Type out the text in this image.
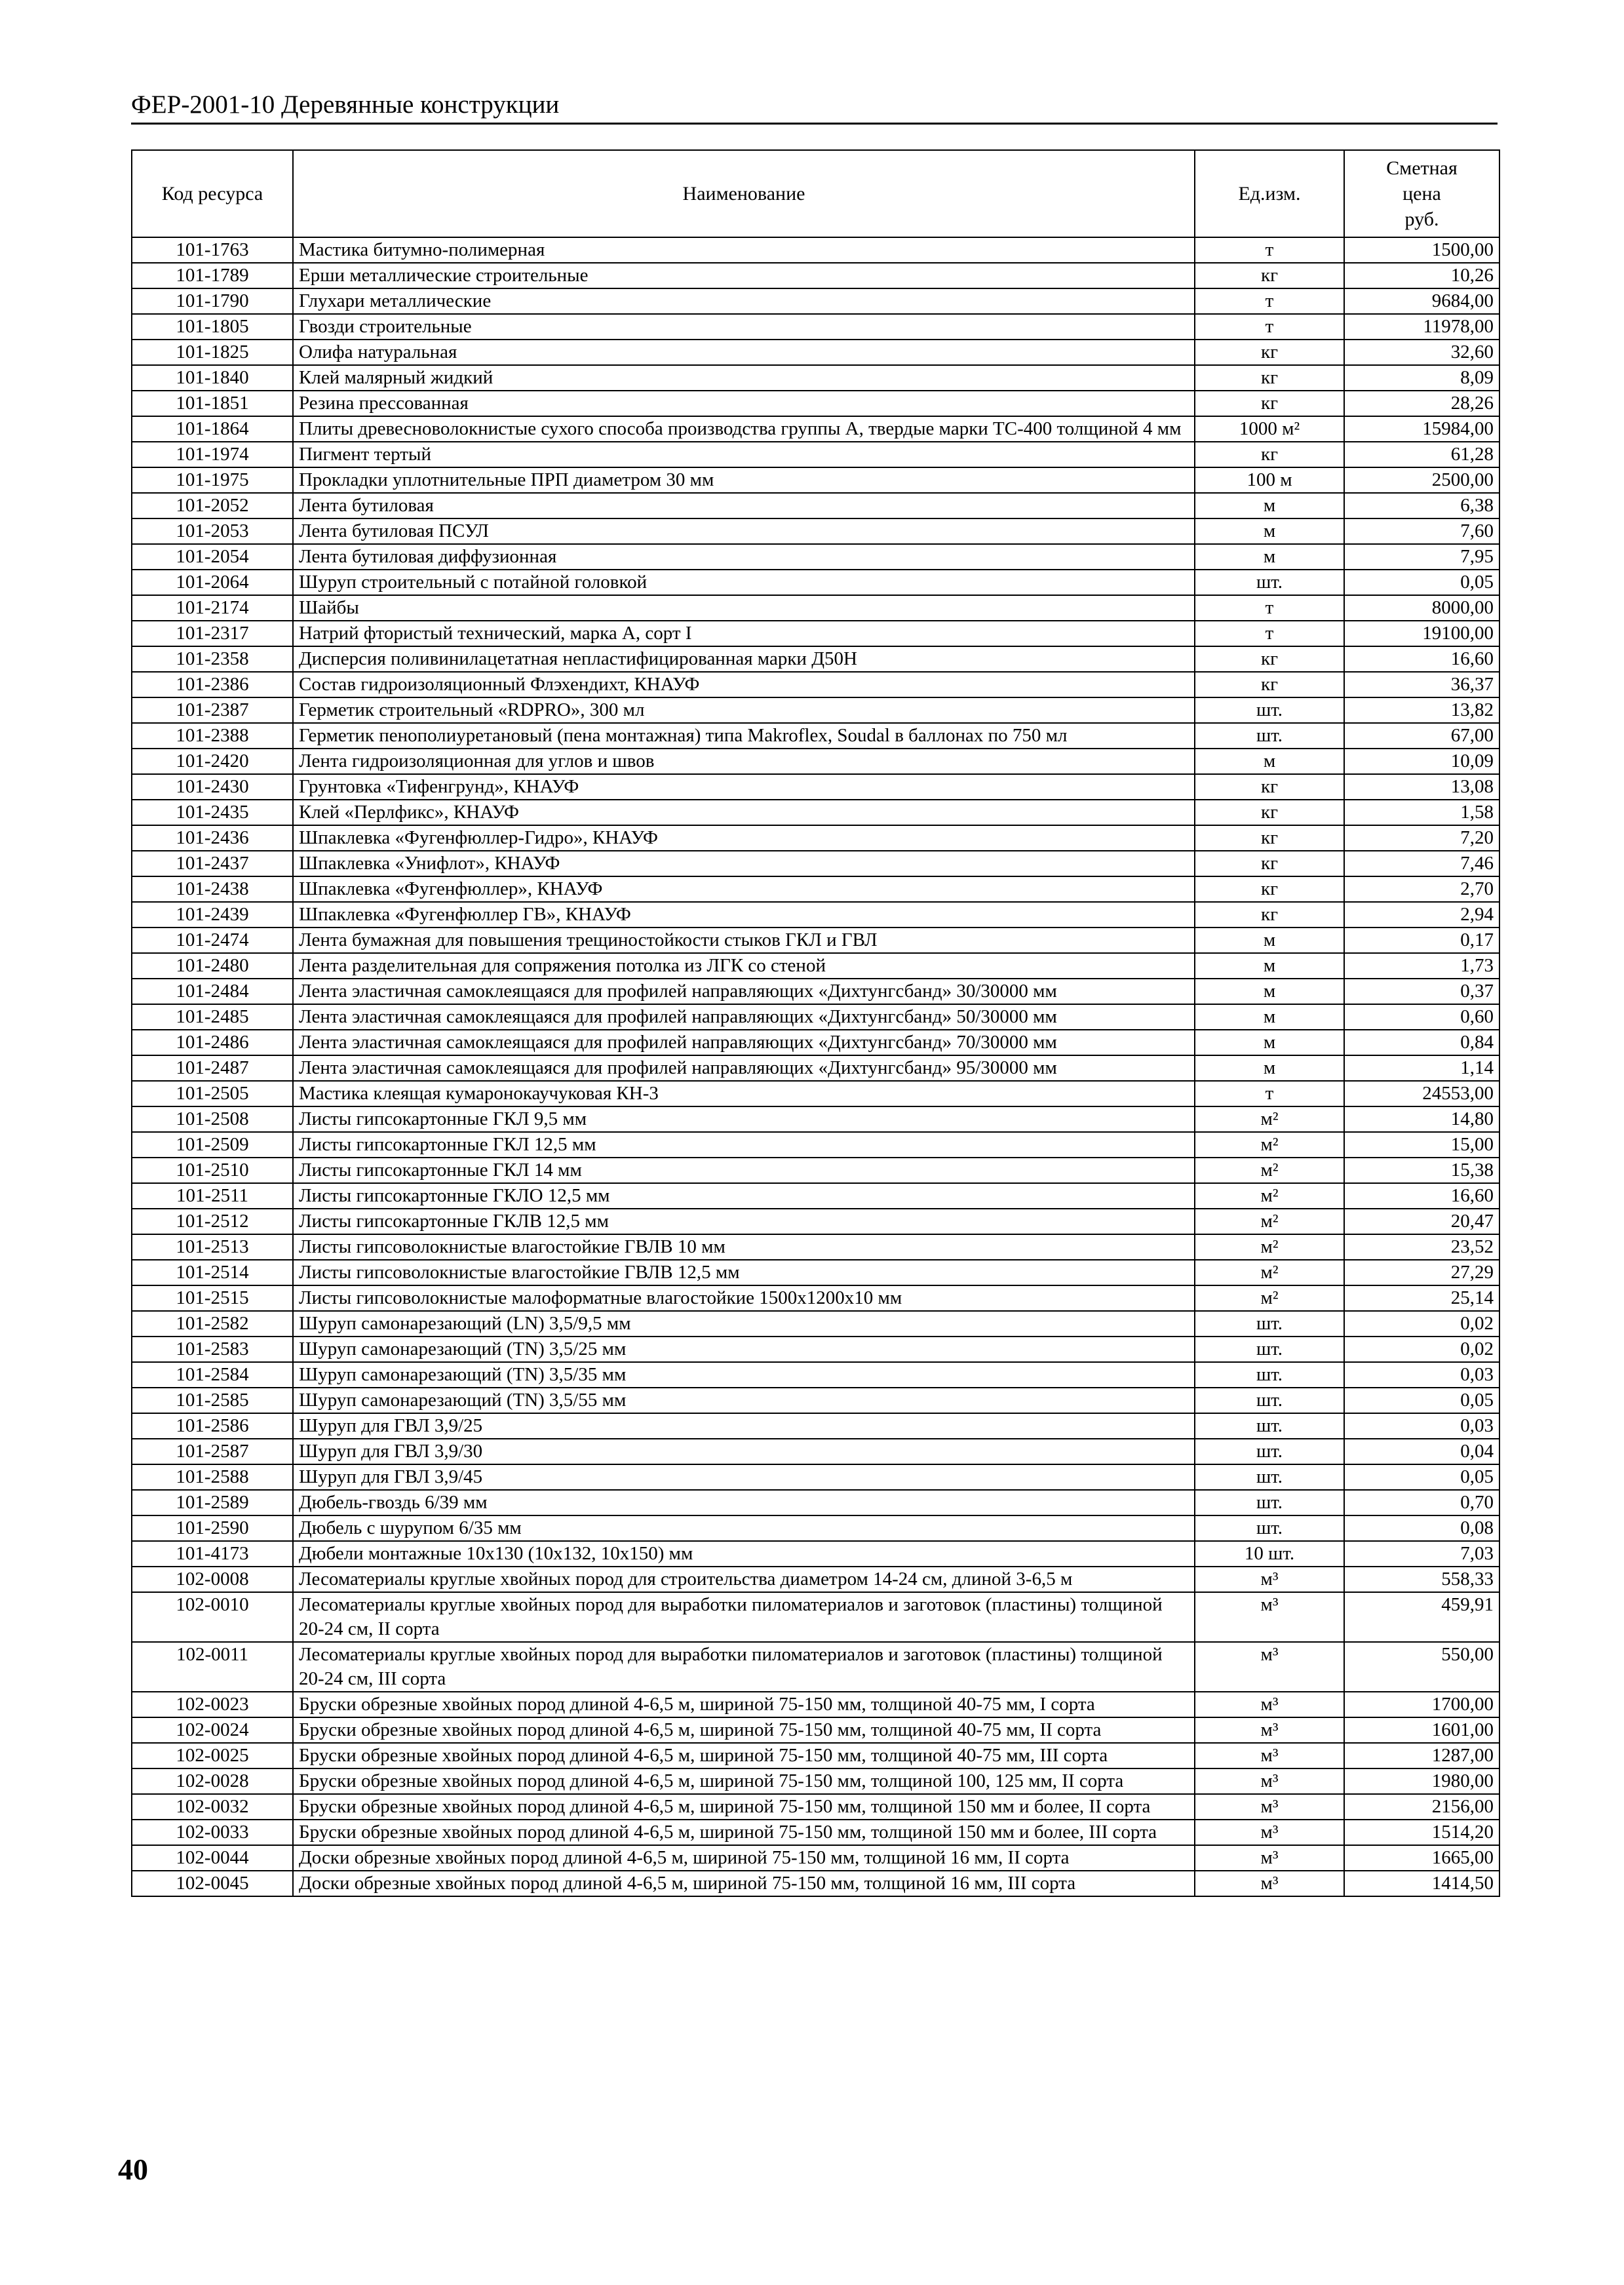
ФЕР-2001-10 Деревянные конструкции
Код ресурса	Наименование	Ед.изм.	Сметная
цена
руб.
101-1763	Мастика битумно-полимерная	т	1500,00
101-1789	Ерши металлические строительные	кг	10,26
101-1790	Глухари металлические	т	9684,00
101-1805	Гвозди строительные	т	11978,00
101-1825	Олифа натуральная	кг	32,60
101-1840	Клей малярный жидкий	кг	8,09
101-1851	Резина прессованная	кг	28,26
101-1864	Плиты древесноволокнистые сухого способа производства группы А, твердые марки ТС-400 толщиной 4 мм	1000 м²	15984,00
101-1974	Пигмент тертый	кг	61,28
101-1975	Прокладки уплотнительные ПРП диаметром 30 мм	100 м	2500,00
101-2052	Лента бутиловая	м	6,38
101-2053	Лента бутиловая ПСУЛ	м	7,60
101-2054	Лента бутиловая диффузионная	м	7,95
101-2064	Шуруп строительный с потайной головкой	шт.	0,05
101-2174	Шайбы	т	8000,00
101-2317	Натрий фтористый технический, марка А, сорт I	т	19100,00
101-2358	Дисперсия поливинилацетатная непластифицированная марки Д50Н	кг	16,60
101-2386	Состав гидроизоляционный Флэхендихт, КНАУФ	кг	36,37
101-2387	Герметик строительный «RDPRO», 300 мл	шт.	13,82
101-2388	Герметик пенополиуретановый (пена монтажная) типа Makroflex, Soudal в баллонах по 750 мл	шт.	67,00
101-2420	Лента гидроизоляционная для углов и швов	м	10,09
101-2430	Грунтовка «Тифенгрунд», КНАУФ	кг	13,08
101-2435	Клей «Перлфикс», КНАУФ	кг	1,58
101-2436	Шпаклевка «Фугенфюллер-Гидро», КНАУФ	кг	7,20
101-2437	Шпаклевка «Унифлот», КНАУФ	кг	7,46
101-2438	Шпаклевка «Фугенфюллер», КНАУФ	кг	2,70
101-2439	Шпаклевка «Фугенфюллер ГВ», КНАУФ	кг	2,94
101-2474	Лента бумажная для повышения трещиностойкости стыков ГКЛ и ГВЛ	м	0,17
101-2480	Лента разделительная для сопряжения потолка из ЛГК со стеной	м	1,73
101-2484	Лента эластичная самоклеящаяся для профилей направляющих «Дихтунгсбанд» 30/30000 мм	м	0,37
101-2485	Лента эластичная самоклеящаяся для профилей направляющих «Дихтунгсбанд» 50/30000 мм	м	0,60
101-2486	Лента эластичная самоклеящаяся для профилей направляющих «Дихтунгсбанд» 70/30000 мм	м	0,84
101-2487	Лента эластичная самоклеящаяся для профилей направляющих «Дихтунгсбанд» 95/30000 мм	м	1,14
101-2505	Мастика клеящая кумаронокаучуковая КН-3	т	24553,00
101-2508	Листы гипсокартонные ГКЛ 9,5 мм	м²	14,80
101-2509	Листы гипсокартонные ГКЛ 12,5 мм	м²	15,00
101-2510	Листы гипсокартонные ГКЛ 14 мм	м²	15,38
101-2511	Листы гипсокартонные ГКЛО 12,5 мм	м²	16,60
101-2512	Листы гипсокартонные ГКЛВ 12,5 мм	м²	20,47
101-2513	Листы гипсоволокнистые влагостойкие ГВЛВ 10 мм	м²	23,52
101-2514	Листы гипсоволокнистые влагостойкие ГВЛВ 12,5 мм	м²	27,29
101-2515	Листы гипсоволокнистые малоформатные влагостойкие 1500х1200х10 мм	м²	25,14
101-2582	Шуруп самонарезающий (LN) 3,5/9,5 мм	шт.	0,02
101-2583	Шуруп самонарезающий (TN) 3,5/25 мм	шт.	0,02
101-2584	Шуруп самонарезающий (TN) 3,5/35 мм	шт.	0,03
101-2585	Шуруп самонарезающий (TN) 3,5/55 мм	шт.	0,05
101-2586	Шуруп для ГВЛ 3,9/25	шт.	0,03
101-2587	Шуруп для ГВЛ 3,9/30	шт.	0,04
101-2588	Шуруп для ГВЛ 3,9/45	шт.	0,05
101-2589	Дюбель-гвоздь 6/39 мм	шт.	0,70
101-2590	Дюбель с шурупом 6/35 мм	шт.	0,08
101-4173	Дюбели монтажные 10х130 (10х132, 10х150) мм	10 шт.	7,03
102-0008	Лесоматериалы круглые хвойных пород для строительства диаметром 14-24 см, длиной 3-6,5 м	м³	558,33
102-0010	Лесоматериалы круглые хвойных пород для выработки пиломатериалов и заготовок (пластины) толщиной 20-24 см, II сорта	м³	459,91
102-0011	Лесоматериалы круглые хвойных пород для выработки пиломатериалов и заготовок (пластины) толщиной 20-24 см, III сорта	м³	550,00
102-0023	Бруски обрезные хвойных пород длиной 4-6,5 м, шириной 75-150 мм, толщиной 40-75 мм, I сорта	м³	1700,00
102-0024	Бруски обрезные хвойных пород длиной 4-6,5 м, шириной 75-150 мм, толщиной 40-75 мм, II сорта	м³	1601,00
102-0025	Бруски обрезные хвойных пород длиной 4-6,5 м, шириной 75-150 мм, толщиной 40-75 мм, III сорта	м³	1287,00
102-0028	Бруски обрезные хвойных пород длиной 4-6,5 м, шириной 75-150 мм, толщиной 100, 125 мм, II сорта	м³	1980,00
102-0032	Бруски обрезные хвойных пород длиной 4-6,5 м, шириной 75-150 мм, толщиной 150 мм и более, II сорта	м³	2156,00
102-0033	Бруски обрезные хвойных пород длиной 4-6,5 м, шириной 75-150 мм, толщиной 150 мм и более, III сорта	м³	1514,20
102-0044	Доски обрезные хвойных пород длиной 4-6,5 м, шириной 75-150 мм, толщиной 16 мм, II сорта	м³	1665,00
102-0045	Доски обрезные хвойных пород длиной 4-6,5 м, шириной 75-150 мм, толщиной 16 мм, III сорта	м³	1414,50
40
